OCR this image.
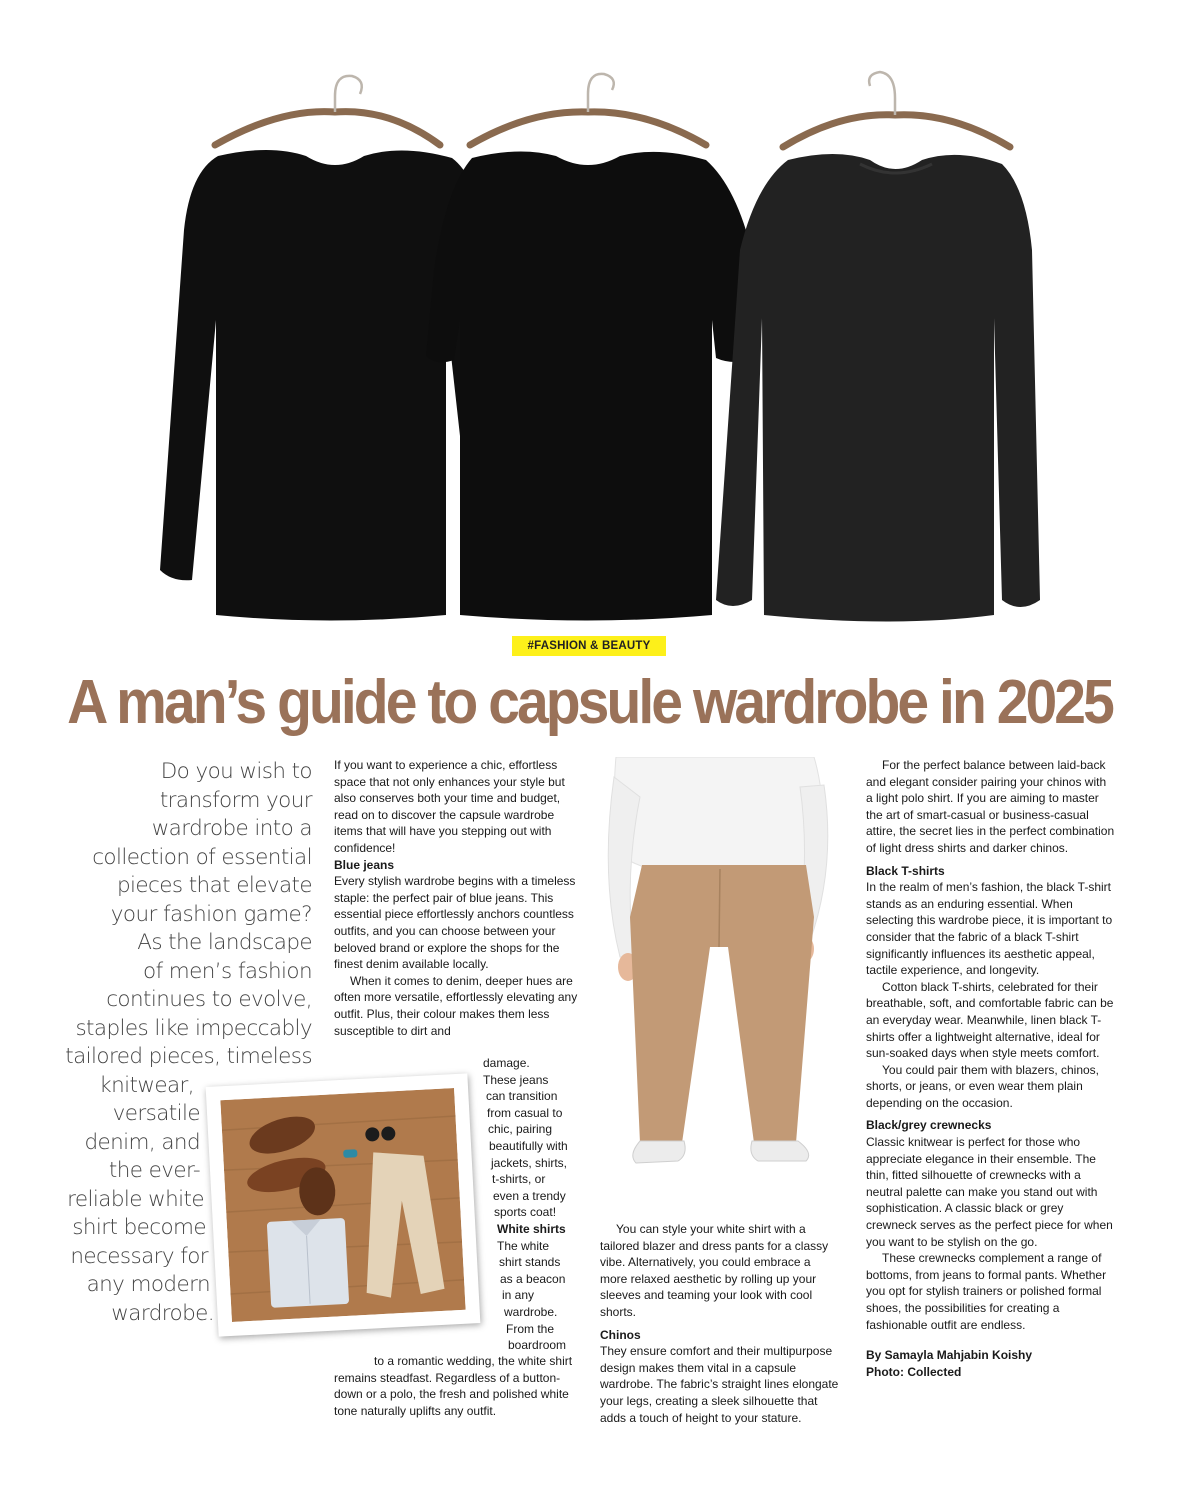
#FASHION & BEAUTY
A man’s guide to capsule wardrobe in 2025
Do you wish to
transform your
wardrobe into a
collection of essential
pieces that elevate
your fashion game?
As the landscape
of men’s fashion
continues to evolve,
staples like impeccably
tailored pieces, timeless
knitwear,
versatile
denim, and
the ever-
reliable white
shirt become
necessary for
any modern
wardrobe.

If you want to experience a chic, effortless space that not only enhances your style but also conserves both your time and budget, read on to discover the capsule wardrobe items that will have you stepping out with confidence!

Blue jeans

Every stylish wardrobe begins with a timeless staple: the perfect pair of blue jeans. This essential piece effortlessly anchors countless outfits, and you can choose between your beloved brand or explore the shops for the finest denim available locally.

When it comes to denim, deeper hues are often more versatile, effortlessly elevating any outfit. Plus, their colour makes them less susceptible to dirt and

damage.
These jeans
can transition
from casual to
chic, pairing
beautifully with
jackets, shirts,
t-shirts, or
even a trendy
sports coat!
White shirts
The white
shirt stands
as a beacon
in any
wardrobe.
From the
boardroom

to a romantic wedding, the white shirt remains steadfast. Regardless of a button-down or a polo, the fresh and polished white tone naturally uplifts any outfit.

You can style your white shirt with a tailored blazer and dress pants for a classy vibe. Alternatively, you could embrace a more relaxed aesthetic by rolling up your sleeves and teaming your look with cool shorts.

Chinos

They ensure comfort and their multipurpose design makes them vital in a capsule wardrobe. The fabric’s straight lines elongate your legs, creating a sleek silhouette that adds a touch of height to your stature.

For the perfect balance between laid-back and elegant consider pairing your chinos with a light polo shirt. If you are aiming to master the art of smart-casual or business-casual attire, the secret lies in the perfect combination of light dress shirts and darker chinos.

Black T-shirts

In the realm of men’s fashion, the black T-shirt stands as an enduring essential. When selecting this wardrobe piece, it is important to consider that the fabric of a black T-shirt significantly influences its aesthetic appeal, tactile experience, and longevity.

Cotton black T-shirts, celebrated for their breathable, soft, and comfortable fabric can be an everyday wear. Meanwhile, linen black T-shirts offer a lightweight alternative, ideal for sun-soaked days when style meets comfort.

You could pair them with blazers, chinos, shorts, or jeans, or even wear them plain depending on the occasion.

Black/grey crewnecks

Classic knitwear is perfect for those who appreciate elegance in their ensemble. The thin, fitted silhouette of crewnecks with a neutral palette can make you stand out with sophistication. A classic black or grey crewneck serves as the perfect piece for when you want to be stylish on the go.

These crewnecks complement a range of bottoms, from jeans to formal pants. Whether you opt for stylish trainers or polished formal shoes, the possibilities for creating a fashionable outfit are endless.

By Samayla Mahjabin Koishy
Photo: Collected
